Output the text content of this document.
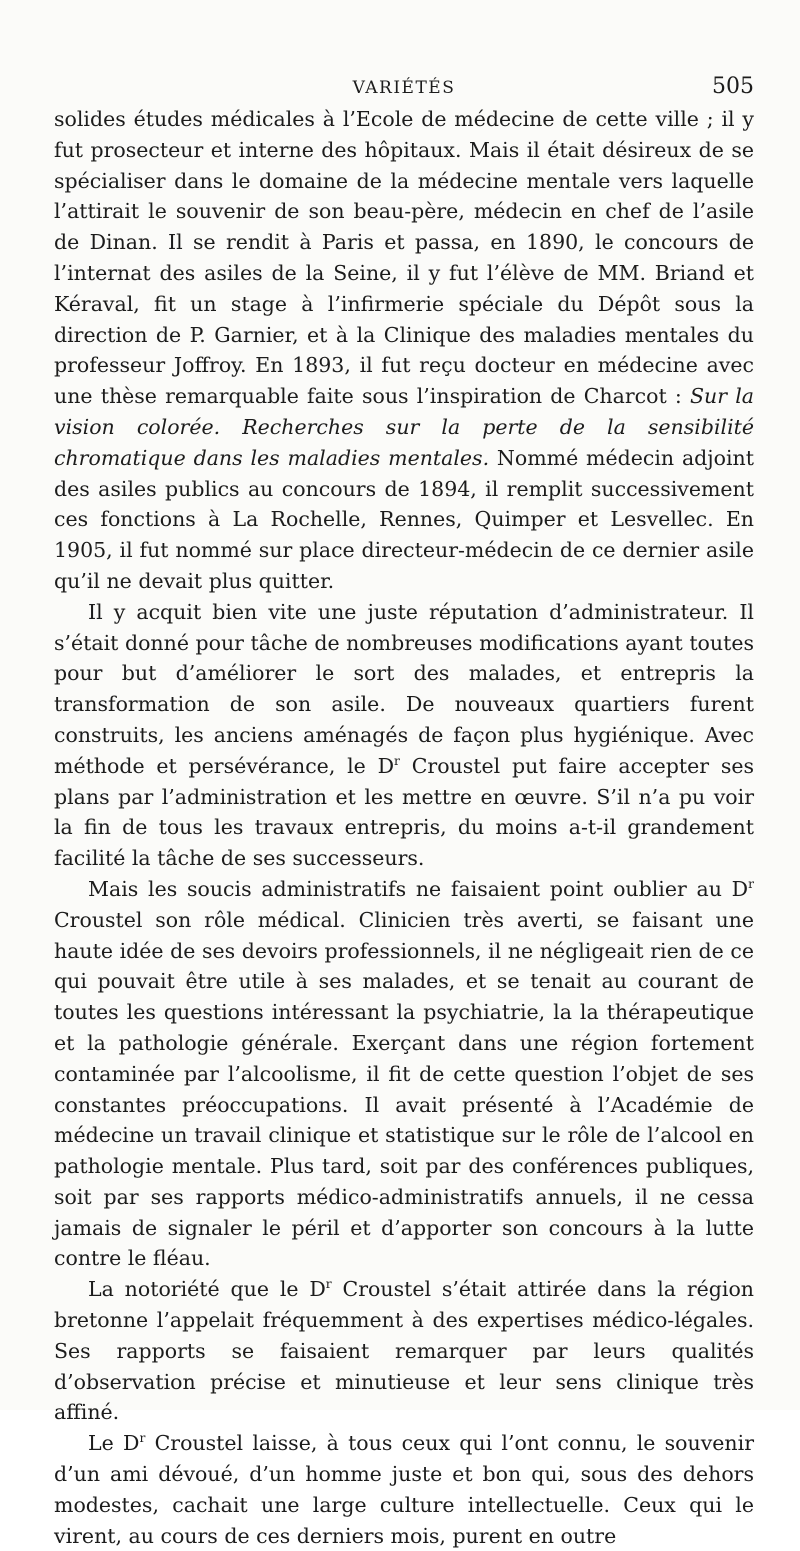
VARIÉTÉS	505

solides études médicales à l’Ecole de médecine de cette ville ; il y fut prosecteur et interne des hôpitaux. Mais il était désireux de se spécialiser dans le domaine de la médecine mentale vers laquelle l’attirait le souvenir de son beau-père, médecin en chef de l’asile de Dinan. Il se rendit à Paris et passa, en 1890, le concours de l’internat des asiles de la Seine, il y fut l’élève de MM. Briand et Kéraval, fit un stage à l’infirmerie spéciale du Dépôt sous la direction de P. Garnier, et à la Clinique des maladies mentales du professeur Joffroy. En 1893, il fut reçu docteur en médecine avec une thèse remarquable faite sous l’inspiration de Charcot : Sur la vision colorée. Recherches sur la perte de la sensibilité chromatique dans les maladies mentales. Nommé médecin adjoint des asiles publics au concours de 1894, il remplit successivement ces fonctions à La Rochelle, Rennes, Quimper et Lesvellec. En 1905, il fut nommé sur place directeur-médecin de ce dernier asile qu’il ne devait plus quitter.

Il y acquit bien vite une juste réputation d’administrateur. Il s’était donné pour tâche de nombreuses modifications ayant toutes pour but d’améliorer le sort des malades, et entrepris la transformation de son asile. De nouveaux quartiers furent construits, les anciens aménagés de façon plus hygiénique. Avec méthode et persévérance, le $D^r$ Croustel put faire accepter ses plans par l’administration et les mettre en œuvre. S’il n’a pu voir la fin de tous les travaux entrepris, du moins a-t-il grandement facilité la tâche de ses successeurs.

Mais les soucis administratifs ne faisaient point oublier au $D^r$ Croustel son rôle médical. Clinicien très averti, se faisant une haute idée de ses devoirs professionnels, il ne négligeait rien de ce qui pouvait être utile à ses malades, et se tenait au courant de toutes les questions intéressant la psychiatrie, la la thérapeutique et la pathologie générale. Exerçant dans une région fortement contaminée par l’alcoolisme, il fit de cette question l’objet de ses constantes préoccupations. Il avait présenté à l’Académie de médecine un travail clinique et statistique sur le rôle de l’alcool en pathologie mentale. Plus tard, soit par des conférences publiques, soit par ses rapports médico-administratifs annuels, il ne cessa jamais de signaler le péril et d’apporter son concours à la lutte contre le fléau.

La notoriété que le $D^r$ Croustel s’était attirée dans la région bretonne l’appelait fréquemment à des expertises médico-légales. Ses rapports se faisaient remarquer par leurs qualités d’observation précise et minutieuse et leur sens clinique très affiné.

Le $D^r$ Croustel laisse, à tous ceux qui l’ont connu, le souvenir d’un ami dévoué, d’un homme juste et bon qui, sous des dehors modestes, cachait une large culture intellectuelle. Ceux qui le virent, au cours de ces derniers mois, purent en outre
